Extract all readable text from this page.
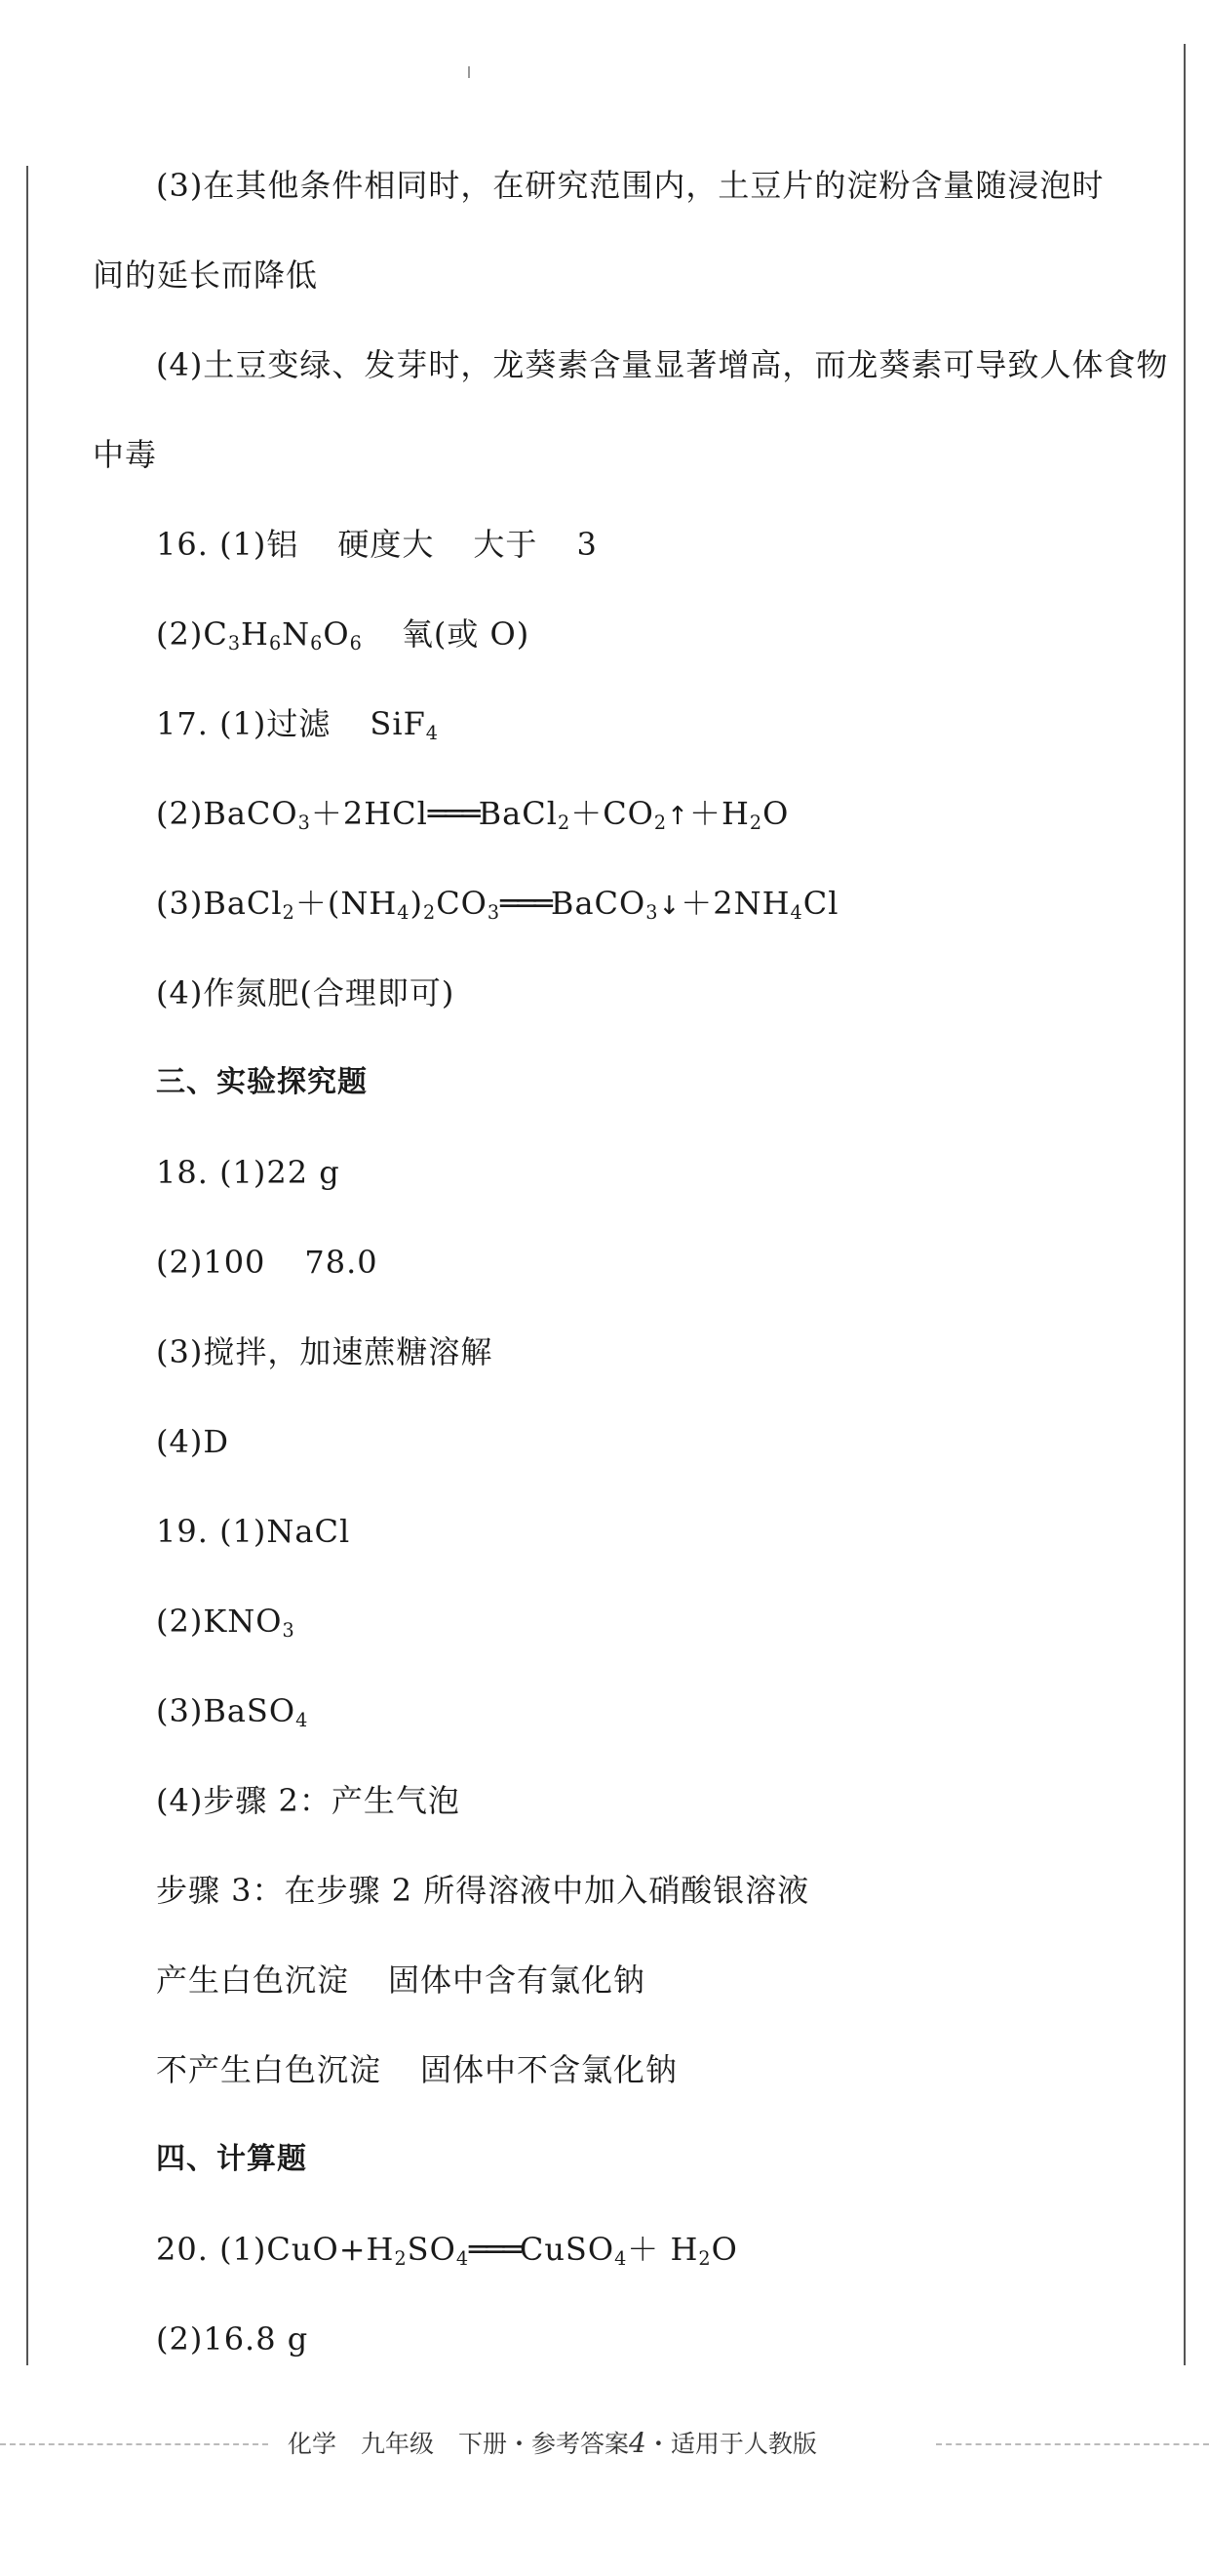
(3)在其他条件相同时，在研究范围内，土豆片的淀粉含量随浸泡时
间的延长而降低
(4)土豆变绿、发芽时，龙葵素含量显著增高，而龙葵素可导致人体食物
中毒
16. (1)铝 硬度大 大于 3
$(2)C_3H_6N_6O_6$ 氧(或 O)
17. (1)过滤 SiF$_4$
$(2)BaCO_3+2HCl═══BaCl_2+CO_2↑+H_2O$
$(3)BaCl_2+(NH_4)_2CO_3═══BaCO_3↓+2NH_4Cl$
(4)作氮肥(合理即可)
三、实验探究题
18. (1)22 g
(2)100 78.0
(3)搅拌，加速蔗糖溶解
(4)D
19. (1)NaCl
$(2)KNO_3$
(3)BaSO$_4$
(4)步骤 2：产生气泡
步骤 3：在步骤 2 所得溶液中加入硝酸银溶液
产生白色沉淀 固体中含有氯化钠
不产生白色沉淀 固体中不含氯化钠
四、计算题
20. $(1)CuO+H_2SO_4═══CuSO_4+ H_2O$
(2)16.8 g
化学　九年级　下册・参考答案4・适用于人教版
